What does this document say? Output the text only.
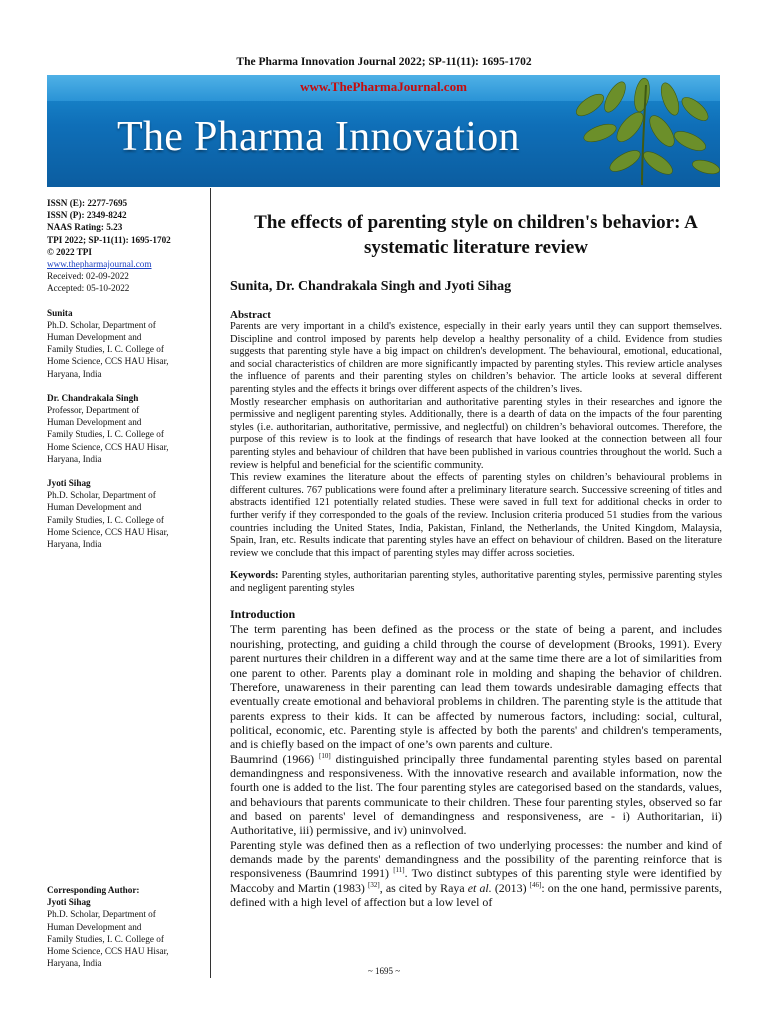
The Pharma Innovation Journal 2022; SP-11(11): 1695-1702
www.ThePharmaJournal.com
The Pharma Innovation
ISSN (E): 2277-7695
ISSN (P): 2349-8242
NAAS Rating: 5.23
TPI 2022; SP-11(11): 1695-1702
© 2022 TPI
www.thepharmajournal.com
Received: 02-09-2022
Accepted: 05-10-2022
Sunita
Ph.D. Scholar, Department of
Human Development and
Family Studies, I. C. College of
Home Science, CCS HAU Hisar,
Haryana, India
Dr. Chandrakala Singh
Professor, Department of
Human Development and
Family Studies, I. C. College of
Home Science, CCS HAU Hisar,
Haryana, India
Jyoti Sihag
Ph.D. Scholar, Department of
Human Development and
Family Studies, I. C. College of
Home Science, CCS HAU Hisar,
Haryana, India
Corresponding Author:
Jyoti Sihag
Ph.D. Scholar, Department of
Human Development and
Family Studies, I. C. College of
Home Science, CCS HAU Hisar,
Haryana, India
The effects of parenting style on children's behavior: A
systematic literature review
Sunita, Dr. Chandrakala Singh and Jyoti Sihag
Abstract

Parents are very important in a child's existence, especially in their early years until they can support themselves. Discipline and control imposed by parents help develop a healthy personality of a child. Evidence from studies suggests that parenting style have a big impact on children's development. The behavioural, emotional, educational, and social characteristics of children are more significantly impacted by parenting styles. This review article analyses the influence of parents and their parenting styles on children’s behavior. The article looks at several different parenting styles and the effects it brings over different aspects of the children’s lives.

Mostly researcher emphasis on authoritarian and authoritative parenting styles in their researches and ignore the permissive and negligent parenting styles. Additionally, there is a dearth of data on the impacts of the four parenting styles (i.e. authoritarian, authoritative, permissive, and neglectful) on children’s behavioral outcomes. Therefore, the purpose of this review is to look at the findings of research that have looked at the connection between all four parenting styles and behaviour of children that have been published in various countries throughout the world. Such a review is helpful and beneficial for the scientific community.

This review examines the literature about the effects of parenting styles on children’s behavioural problems in different cultures. 767 publications were found after a preliminary literature search. Successive screening of titles and abstracts identified 121 potentially related studies. These were saved in full text for additional checks in order to further verify if they corresponded to the goals of the review. Inclusion criteria produced 51 studies from the various countries including the United States, India, Pakistan, Finland, the Netherlands, the United Kingdom, Malaysia, Spain, Iran, etc. Results indicate that parenting styles have an effect on behaviour of children. Based on the literature review we conclude that this impact of parenting styles may differ across societies.

Keywords: Parenting styles, authoritarian parenting styles, authoritative parenting styles, permissive parenting styles and negligent parenting styles
Introduction

The term parenting has been defined as the process or the state of being a parent, and includes nourishing, protecting, and guiding a child through the course of development (Brooks, 1991). Every parent nurtures their children in a different way and at the same time there are a lot of similarities from one parent to other. Parents play a dominant role in molding and shaping the behavior of children. Therefore, unawareness in their parenting can lead them towards undesirable damaging effects that eventually create emotional and behavioral problems in children. The parenting style is the attitude that parents express to their kids. It can be affected by numerous factors, including: social, cultural, political, economic, etc. Parenting style is affected by both the parents' and children's temperaments, and is chiefly based on the impact of one’s own parents and culture.

Baumrind (1966) [10] distinguished principally three fundamental parenting styles based on parental demandingness and responsiveness. With the innovative research and available information, now the fourth one is added to the list. The four parenting styles are categorised based on the standards, values, and behaviours that parents communicate to their children. These four parenting styles, observed so far and based on parents' level of demandingness and responsiveness, are - i) Authoritarian, ii) Authoritative, iii) permissive, and iv) uninvolved.

Parenting style was defined then as a reflection of two underlying processes: the number and kind of demands made by the parents' demandingness and the possibility of the parenting reinforce that is responsiveness (Baumrind 1991) [11]. Two distinct subtypes of this parenting style were identified by Maccoby and Martin (1983) [32], as cited by Raya et al. (2013) [46]: on the one hand, permissive parents, defined with a high level of affection but a low level of

~ 1695 ~
